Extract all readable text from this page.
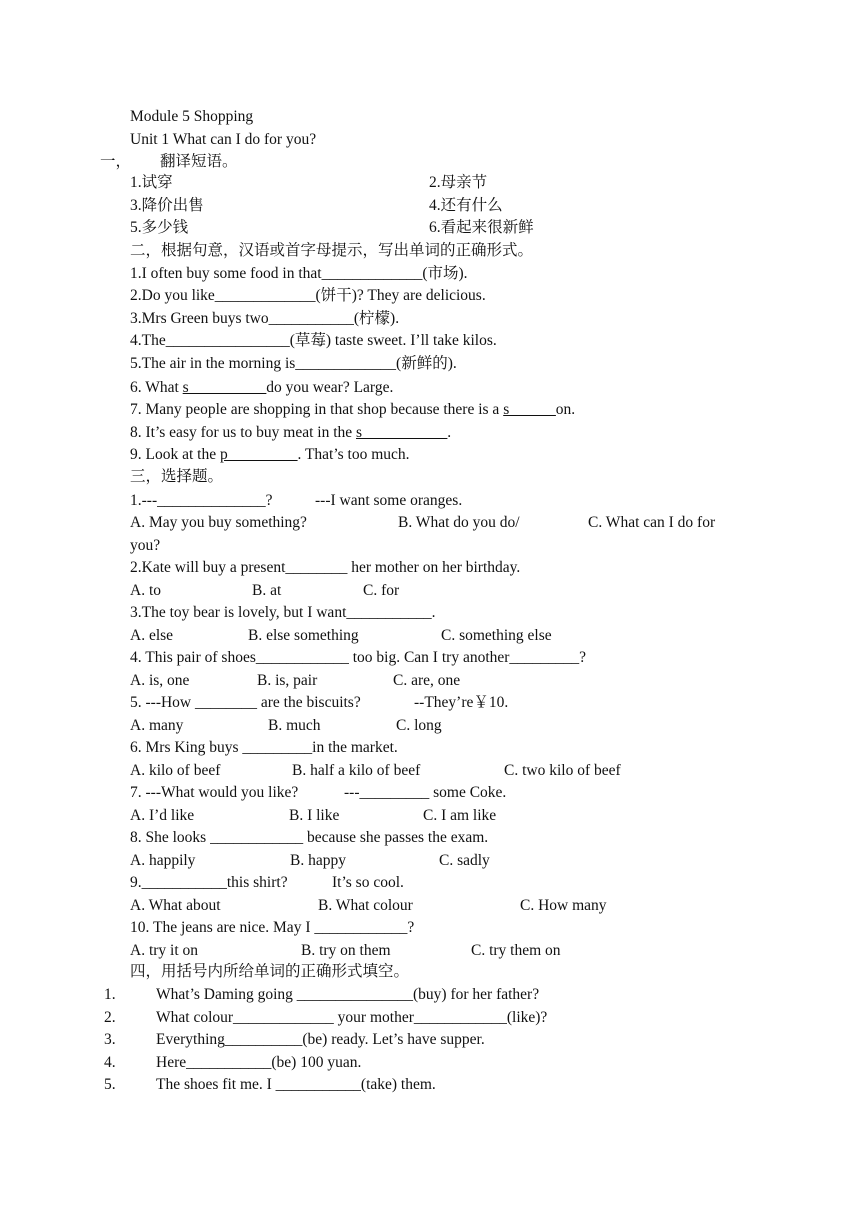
Module 5 Shopping
Unit 1 What can I do for you?
一， 翻译短语。
1.试穿	2.母亲节
3.降价出售	4.还有什么
5.多少钱	6.看起来很新鲜
二，根据句意，汉语或首字母提示，写出单词的正确形式。
1.I often buy some food in that_____________(市场).
2.Do you like_____________(饼干)? They are delicious.
3.Mrs Green buys two___________(柠檬).
4.The________________(草莓) taste sweet. I’ll take kilos.
5.The air in the morning is_____________(新鲜的).
6. What s__________do you wear? Large.
7. Many people are shopping in that shop because there is a s______on.
8. It’s easy for us to buy meat in the s___________.
9. Look at the p_________. That’s too much.
三，选择题。
1.---______________?	---I want some oranges.
A. May you buy something?	B. What do you do/	C. What can I do for
you?
2.Kate will buy a present________ her mother on her birthday.
A. to	B. at	C. for
3.The toy bear is lovely, but I want___________.
A. else	B. else something	C. something else
4. This pair of shoes____________ too big. Can I try another_________?
A. is, one	B. is, pair	C. are, one
5. ---How ________ are the biscuits?	--They’re￥10.
A. many	B. much	C. long
6. Mrs King buys _________in the market.
A. kilo of beef	B. half a kilo of beef	C. two kilo of beef
7. ---What would you like?	---_________ some Coke.
A. I’d like	B. I like	C. I am like
8. She looks ____________ because she passes the exam.
A. happily	B. happy	C. sadly
9.___________this shirt?	It’s so cool.
A. What about	B. What colour	C. How many
10. The jeans are nice. May I ____________?
A. try it on	B. try on them	C. try them on
四，用括号内所给单词的正确形式填空。
1.	What’s Daming going _______________(buy) for her father?
2.	What colour_____________ your mother____________(like)?
3.	Everything__________(be) ready. Let’s have supper.
4.	Here___________(be) 100 yuan.
5.	The shoes fit me. I ___________(take) them.
